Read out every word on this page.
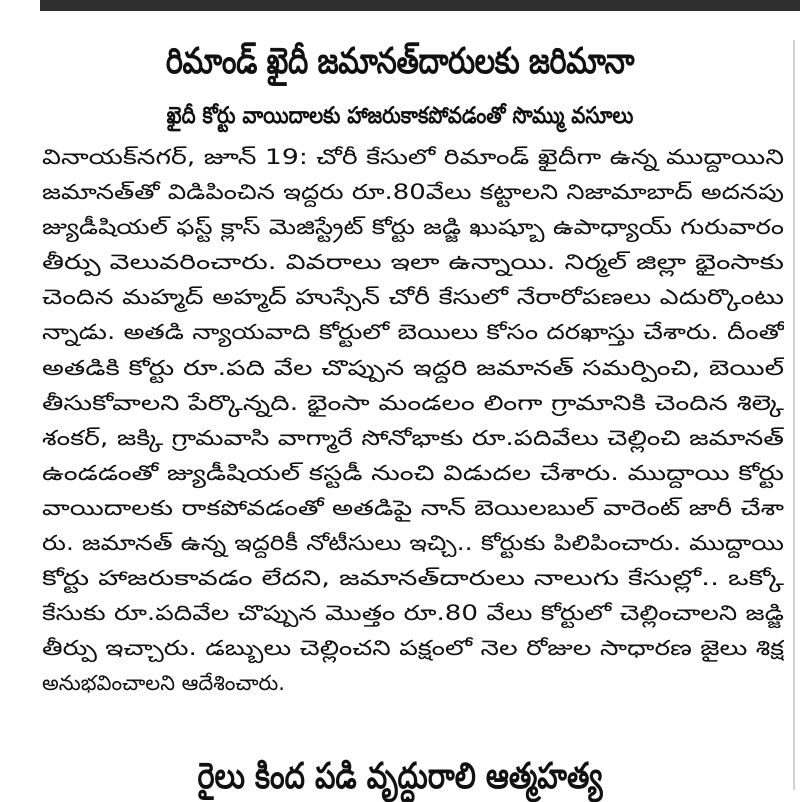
రిమాండ్ ఖైదీ జమానత్‌దారులకు జరిమానా
ఖైదీ కోర్టు వాయిదాలకు హాజరుకాకపోవడంతో సొమ్ము వసూలు
వినాయక్‌నగర్, జూన్ 19: చోరీ కేసులో రిమాండ్ ఖైదీగా ఉన్న ముద్దాయిని
జమానత్‌తో విడిపించిన ఇద్దరు రూ.80వేలు కట్టాలని నిజామాబాద్ అదనపు
జ్యుడీషియల్ ఫస్ట్ క్లాస్ మెజిస్ట్రేట్ కోర్టు జడ్జి ఖుష్బూ ఉపాధ్యాయ్ గురువారం
తీర్పు వెలువరించారు. వివరాలు ఇలా ఉన్నాయి. నిర్మల్ జిల్లా భైంసాకు
చెందిన మహ్మద్ అహ్మద్ హుస్సేన్ చోరీ కేసులో నేరారోపణలు ఎదుర్కొంటు
న్నాడు. అతడి న్యాయవాది కోర్టులో బెయిలు కోసం దరఖాస్తు చేశారు. దీంతో
అతడికి కోర్టు రూ.పది వేల చొప్పున ఇద్దరి జమానత్ సమర్పించి, బెయిల్
తీసుకోవాలని పేర్కొన్నది. భైంసా మండలం లింగా గ్రామానికి చెందిన శిల్కె
శంకర్, జక్కి గ్రామవాసి వాగ్మారే సోనోభాకు రూ.పదివేలు చెల్లించి జమానత్
ఉండడంతో జ్యుడీషియల్ కస్టడీ నుంచి విడుదల చేశారు. ముద్దాయి కోర్టు
వాయిదాలకు రాకపోవడంతో అతడిపై నాన్ బెయిలబుల్ వారెంట్ జారీ చేశా
రు. జమానత్ ఉన్న ఇద్దరికీ నోటీసులు ఇచ్చి.. కోర్టుకు పిలిపించారు. ముద్దాయి
కోర్టు హాజరుకావడం లేదని, జమానత్‌దారులు నాలుగు కేసుల్లో.. ఒక్కో
కేసుకు రూ.పదివేల చొప్పున మొత్తం రూ.80 వేలు కోర్టులో చెల్లించాలని జడ్జి
తీర్పు ఇచ్చారు. డబ్బులు చెల్లించని పక్షంలో నెల రోజుల సాధారణ జైలు శిక్ష
అనుభవించాలని ఆదేశించారు.
రైలు కింద పడి వృద్ధురాలి ఆత్మహత్య
